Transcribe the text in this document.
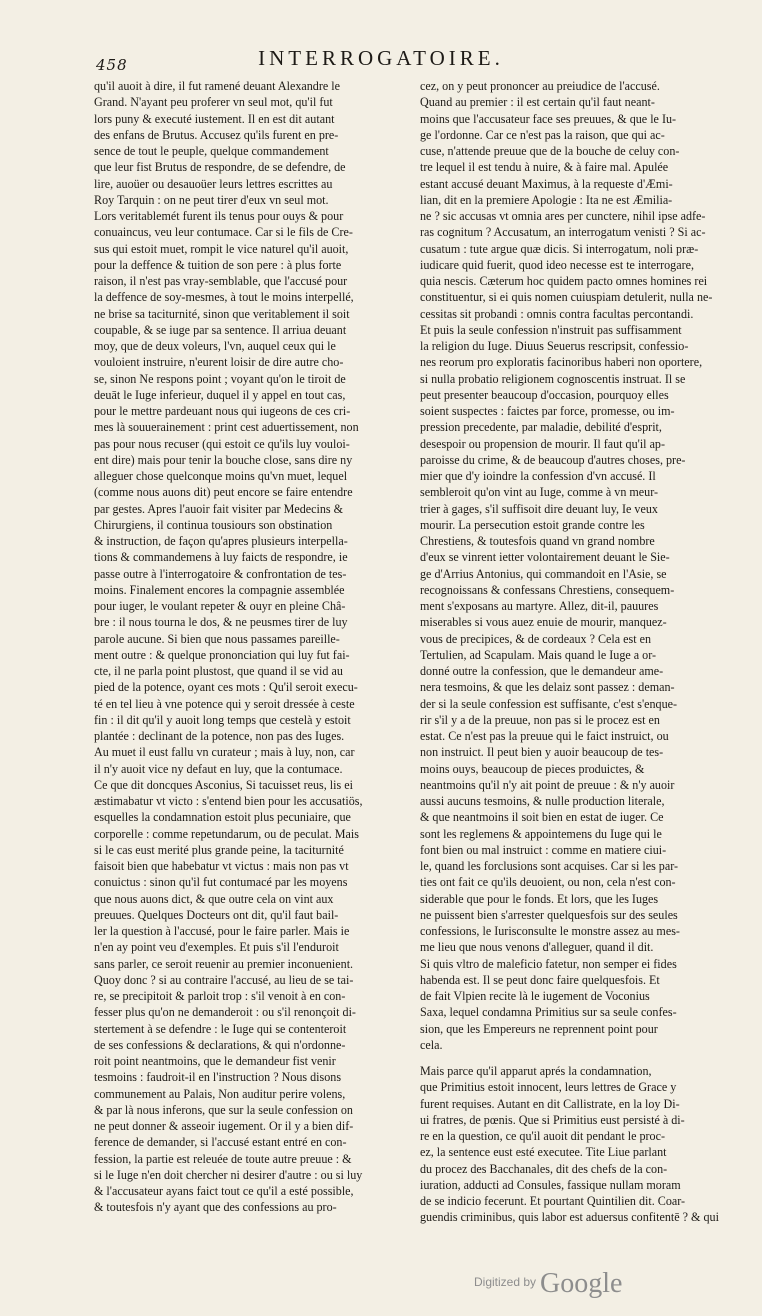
458	INTERROGATOIRE.
qu'il auoit à dire, il fut ramené deuant Alexandre le
Grand. N'ayant peu proferer vn seul mot, qu'il fut
lors puny & executé iustement. Il en est dit autant
des enfans de Brutus. Accusez qu'ils furent en pre-
sence de tout le peuple, quelque commandement
que leur fist Brutus de respondre, de se defendre, de
lire, auoüer ou desauoüer leurs lettres escrittes au
Roy Tarquin : on ne peut tirer d'eux vn seul mot.
Lors veritablemét furent ils tenus pour ouys & pour
conuaincus, veu leur contumace. Car si le fils de Cre-
sus qui estoit muet, rompit le vice naturel qu'il auoit,
pour la deffence & tuition de son pere : à plus forte
raison, il n'est pas vray-semblable, que l'accusé pour
la deffence de soy-mesmes, à tout le moins interpellé,
ne brise sa taciturnité, sinon que veritablement il soit
coupable, & se iuge par sa sentence. Il arriua deuant
moy, que de deux voleurs, l'vn, auquel ceux qui le
vouloient instruire, n'eurent loisir de dire autre cho-
se, sinon Ne respons point ; voyant qu'on le tiroit de
deuāt le Iuge inferieur, duquel il y appel en tout cas,
pour le mettre pardeuant nous qui iugeons de ces cri-
mes là souuerainement : print cest aduertissement, non
pas pour nous recuser (qui estoit ce qu'ils luy vouloi-
ent dire) mais pour tenir la bouche close, sans dire ny
alleguer chose quelconque moins qu'vn muet, lequel
(comme nous auons dit) peut encore se faire entendre
par gestes. Apres l'auoir fait visiter par Medecins &
Chirurgiens, il continua tousiours son obstination
& instruction, de façon qu'apres plusieurs interpella-
tions & commandemens à luy faicts de respondre, ie
passe outre à l'interrogatoire & confrontation de tes-
moins. Finalement encores la compagnie assemblée
pour iuger, le voulant repeter & ouyr en pleine Châ-
bre : il nous tourna le dos, & ne peusmes tirer de luy
parole aucune. Si bien que nous passames pareille-
ment outre : & quelque prononciation qui luy fut fai-
cte, il ne parla point plustost, que quand il se vid au
pied de la potence, oyant ces mots : Qu'il seroit execu-
té en tel lieu à vne potence qui y seroit dressée à ceste
fin : il dit qu'il y auoit long temps que cestelà y estoit
plantée : declinant de la potence, non pas des Iuges.
Au muet il eust fallu vn curateur ; mais à luy, non, car
il n'y auoit vice ny defaut en luy, que la contumace.
Ce que dit doncques Asconius, Si tacuisset reus, lis ei
æstimabatur vt victo : s'entend bien pour les accusatiös,
esquelles la condamnation estoit plus pecuniaire, que
corporelle : comme repetundarum, ou de peculat. Mais
si le cas eust merité plus grande peine, la taciturnité
faisoit bien que habebatur vt victus : mais non pas vt
conuictus : sinon qu'il fut contumacé par les moyens
que nous auons dict, & que outre cela on vint aux
preuues. Quelques Docteurs ont dit, qu'il faut bail-
ler la question à l'accusé, pour le faire parler. Mais ie
n'en ay point veu d'exemples. Et puis s'il l'enduroit
sans parler, ce seroit reuenir au premier inconuenient.
Quoy donc ? si au contraire l'accusé, au lieu de se tai-
re, se precipitoit & parloit trop : s'il venoit à en con-
fesser plus qu'on ne demanderoit : ou s'il renonçoit di-
stertement à se defendre : le Iuge qui se contenteroit
de ses confessions & declarations, & qui n'ordonne-
roit point neantmoins, que le demandeur fist venir
tesmoins : faudroit-il en l'instruction ? Nous disons
communement au Palais, Non auditur perire volens,
& par là nous inferons, que sur la seule confession on
ne peut donner & asseoir iugement. Or il y a bien dif-
ference de demander, si l'accusé estant entré en con-
fession, la partie est releuée de toute autre preuue : &
si le Iuge n'en doit chercher ni desirer d'autre : ou si luy
& l'accusateur ayans faict tout ce qu'il a esté possible,
& toutesfois n'y ayant que des confessions au pro-
cez, on y peut prononcer au preiudice de l'accusé.
Quand au premier : il est certain qu'il faut neant-
moins que l'accusateur face ses preuues, & que le Iu-
ge l'ordonne. Car ce n'est pas la raison, que qui ac-
cuse, n'attende preuue que de la bouche de celuy con-
tre lequel il est tendu à nuire, & à faire mal. Apulée
estant accusé deuant Maximus, à la requeste d'Æmi-
lian, dit en la premiere Apologie : Ita ne est Æmilia-
ne ? sic accusas vt omnia ares per cunctere, nihil ipse adfe-
ras cognitum ? Accusatum, an interrogatum venisti ? Si ac-
cusatum : tute argue quæ dicis. Si interrogatum, noli præ-
iudicare quid fuerit, quod ideo necesse est te interrogare,
quia nescis. Cæterum hoc quidem pacto omnes homines rei
constituentur, si ei quis nomen cuiuspiam detulerit, nulla ne-
cessitas sit probandi : omnis contra facultas percontandi.
Et puis la seule confession n'instruit pas suffisamment
la religion du Iuge. Diuus Seuerus rescripsit, confessio-
nes reorum pro exploratis facinoribus haberi non oportere,
si nulla probatio religionem cognoscentis instruat. Il se
peut presenter beaucoup d'occasion, pourquoy elles
soient suspectes : faictes par force, promesse, ou im-
pression precedente, par maladie, debilité d'esprit,
desespoir ou propension de mourir. Il faut qu'il ap-
paroisse du crime, & de beaucoup d'autres choses, pre-
mier que d'y ioindre la confession d'vn accusé. Il
sembleroit qu'on vint au Iuge, comme à vn meur-
trier à gages, s'il suffisoit dire deuant luy, Ie veux
mourir. La persecution estoit grande contre les
Chrestiens, & toutesfois quand vn grand nombre
d'eux se vinrent ietter volontairement deuant le Sie-
ge d'Arrius Antonius, qui commandoit en l'Asie, se
recognoissans & confessans Chrestiens, consequem-
ment s'exposans au martyre. Allez, dit-il, pauures
miserables si vous auez enuie de mourir, manquez-
vous de precipices, & de cordeaux ? Cela est en
Tertulien, ad Scapulam. Mais quand le Iuge a or-
donné outre la confession, que le demandeur ame-
nera tesmoins, & que les delaiz sont passez : deman-
der si la seule confession est suffisante, c'est s'enque-
rir s'il y a de la preuue, non pas si le procez est en
estat. Ce n'est pas la preuue qui le faict instruict, ou
non instruict. Il peut bien y auoir beaucoup de tes-
moins ouys, beaucoup de pieces produictes, &
neantmoins qu'il n'y ait point de preuue : & n'y auoir
aussi aucuns tesmoins, & nulle production literale,
& que neantmoins il soit bien en estat de iuger. Ce
sont les reglemens & appointemens du Iuge qui le
font bien ou mal instruict : comme en matiere ciui-
le, quand les forclusions sont acquises. Car si les par-
ties ont fait ce qu'ils deuoient, ou non, cela n'est con-
siderable que pour le fonds. Et lors, que les Iuges
ne puissent bien s'arrester quelquesfois sur des seules
confessions, le Iurisconsulte le monstre assez au mes-
me lieu que nous venons d'alleguer, quand il dit.
Si quis vltro de maleficio fatetur, non semper ei fides
habenda est. Il se peut donc faire quelquesfois. Et
de fait Vlpien recite là le iugement de Voconius
Saxa, lequel condamna Primitius sur sa seule confes-
sion, que les Empereurs ne reprennent point pour
cela.
Mais parce qu'il apparut aprés la condamnation,
que Primitius estoit innocent, leurs lettres de Grace y
furent requises. Autant en dit Callistrate, en la loy Di-
ui fratres, de pœnis. Que si Primitius eust persisté à di-
re en la question, ce qu'il auoit dit pendant le proc-
ez, la sentence eust esté executee. Tite Liue parlant
du procez des Bacchanales, dit des chefs de la con-
iuration, adducti ad Consules, fassique nullam moram
de se indicio fecerunt. Et pourtant Quintilien dit. Coar-
guendis criminibus, quis labor est aduersus confitentē ? & qui
$^{Digitized by}$ Google
